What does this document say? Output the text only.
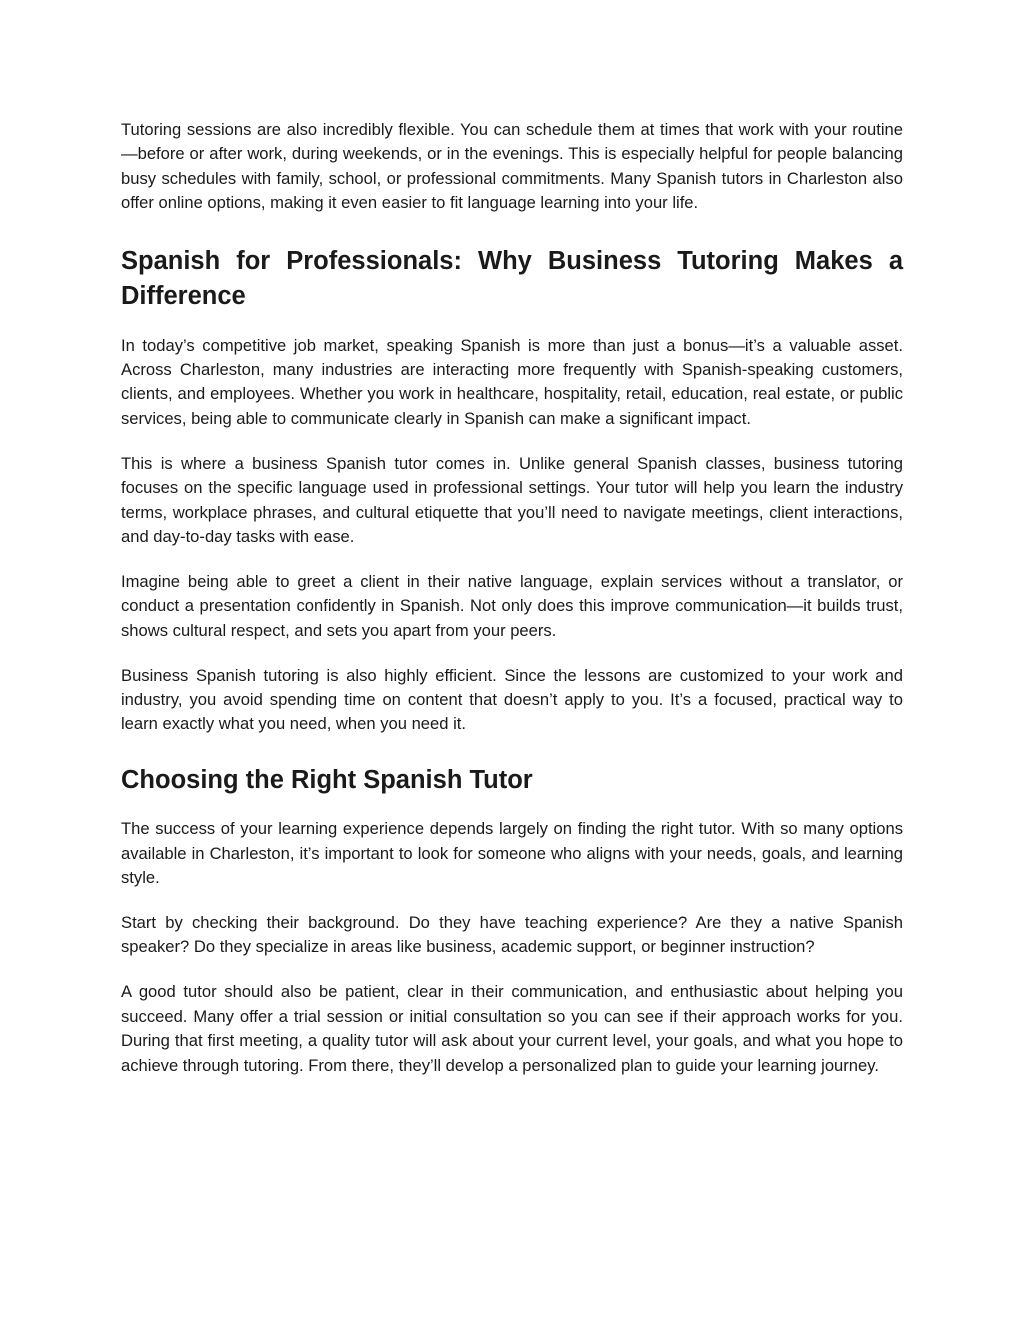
Tutoring sessions are also incredibly flexible. You can schedule them at times that work with your routine—before or after work, during weekends, or in the evenings. This is especially helpful for people balancing busy schedules with family, school, or professional commitments. Many Spanish tutors in Charleston also offer online options, making it even easier to fit language learning into your life.

Spanish for Professionals: Why Business Tutoring Makes a Difference

In today’s competitive job market, speaking Spanish is more than just a bonus—it’s a valuable asset. Across Charleston, many industries are interacting more frequently with Spanish-speaking customers, clients, and employees. Whether you work in healthcare, hospitality, retail, education, real estate, or public services, being able to communicate clearly in Spanish can make a significant impact.

This is where a business Spanish tutor comes in. Unlike general Spanish classes, business tutoring focuses on the specific language used in professional settings. Your tutor will help you learn the industry terms, workplace phrases, and cultural etiquette that you’ll need to navigate meetings, client interactions, and day-to-day tasks with ease.

Imagine being able to greet a client in their native language, explain services without a translator, or conduct a presentation confidently in Spanish. Not only does this improve communication—it builds trust, shows cultural respect, and sets you apart from your peers.

Business Spanish tutoring is also highly efficient. Since the lessons are customized to your work and industry, you avoid spending time on content that doesn’t apply to you. It’s a focused, practical way to learn exactly what you need, when you need it.

Choosing the Right Spanish Tutor

The success of your learning experience depends largely on finding the right tutor. With so many options available in Charleston, it’s important to look for someone who aligns with your needs, goals, and learning style.

Start by checking their background. Do they have teaching experience? Are they a native Spanish speaker? Do they specialize in areas like business, academic support, or beginner instruction?

A good tutor should also be patient, clear in their communication, and enthusiastic about helping you succeed. Many offer a trial session or initial consultation so you can see if their approach works for you. During that first meeting, a quality tutor will ask about your current level, your goals, and what you hope to achieve through tutoring. From there, they’ll develop a personalized plan to guide your learning journey.
